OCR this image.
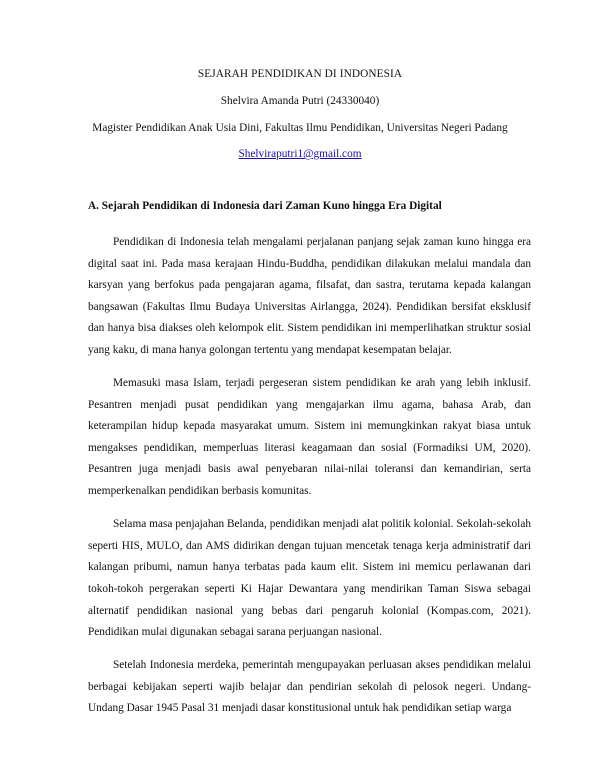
SEJARAH PENDIDIKAN DI INDONESIA
Shelvira Amanda Putri (24330040)
Magister Pendidikan Anak Usia Dini, Fakultas Ilmu Pendidikan, Universitas Negeri Padang
Shelviraputri1@gmail.com
A. Sejarah Pendidikan di Indonesia dari Zaman Kuno hingga Era Digital

Pendidikan di Indonesia telah mengalami perjalanan panjang sejak zaman kuno hingga era digital saat ini. Pada masa kerajaan Hindu-Buddha, pendidikan dilakukan melalui mandala dan karsyan yang berfokus pada pengajaran agama, filsafat, dan sastra, terutama kepada kalangan bangsawan (Fakultas Ilmu Budaya Universitas Airlangga, 2024). Pendidikan bersifat eksklusif dan hanya bisa diakses oleh kelompok elit. Sistem pendidikan ini memperlihatkan struktur sosial yang kaku, di mana hanya golongan tertentu yang mendapat kesempatan belajar.

Memasuki masa Islam, terjadi pergeseran sistem pendidikan ke arah yang lebih inklusif. Pesantren menjadi pusat pendidikan yang mengajarkan ilmu agama, bahasa Arab, dan keterampilan hidup kepada masyarakat umum. Sistem ini memungkinkan rakyat biasa untuk mengakses pendidikan, memperluas literasi keagamaan dan sosial (Formadiksi UM, 2020). Pesantren juga menjadi basis awal penyebaran nilai-nilai toleransi dan kemandirian, serta memperkenalkan pendidikan berbasis komunitas.

Selama masa penjajahan Belanda, pendidikan menjadi alat politik kolonial. Sekolah-sekolah seperti HIS, MULO, dan AMS didirikan dengan tujuan mencetak tenaga kerja administratif dari kalangan pribumi, namun hanya terbatas pada kaum elit. Sistem ini memicu perlawanan dari tokoh-tokoh pergerakan seperti Ki Hajar Dewantara yang mendirikan Taman Siswa sebagai alternatif pendidikan nasional yang bebas dari pengaruh kolonial (Kompas.com, 2021). Pendidikan mulai digunakan sebagai sarana perjuangan nasional.

Setelah Indonesia merdeka, pemerintah mengupayakan perluasan akses pendidikan melalui berbagai kebijakan seperti wajib belajar dan pendirian sekolah di pelosok negeri. Undang-Undang Dasar 1945 Pasal 31 menjadi dasar konstitusional untuk hak pendidikan setiap warga
